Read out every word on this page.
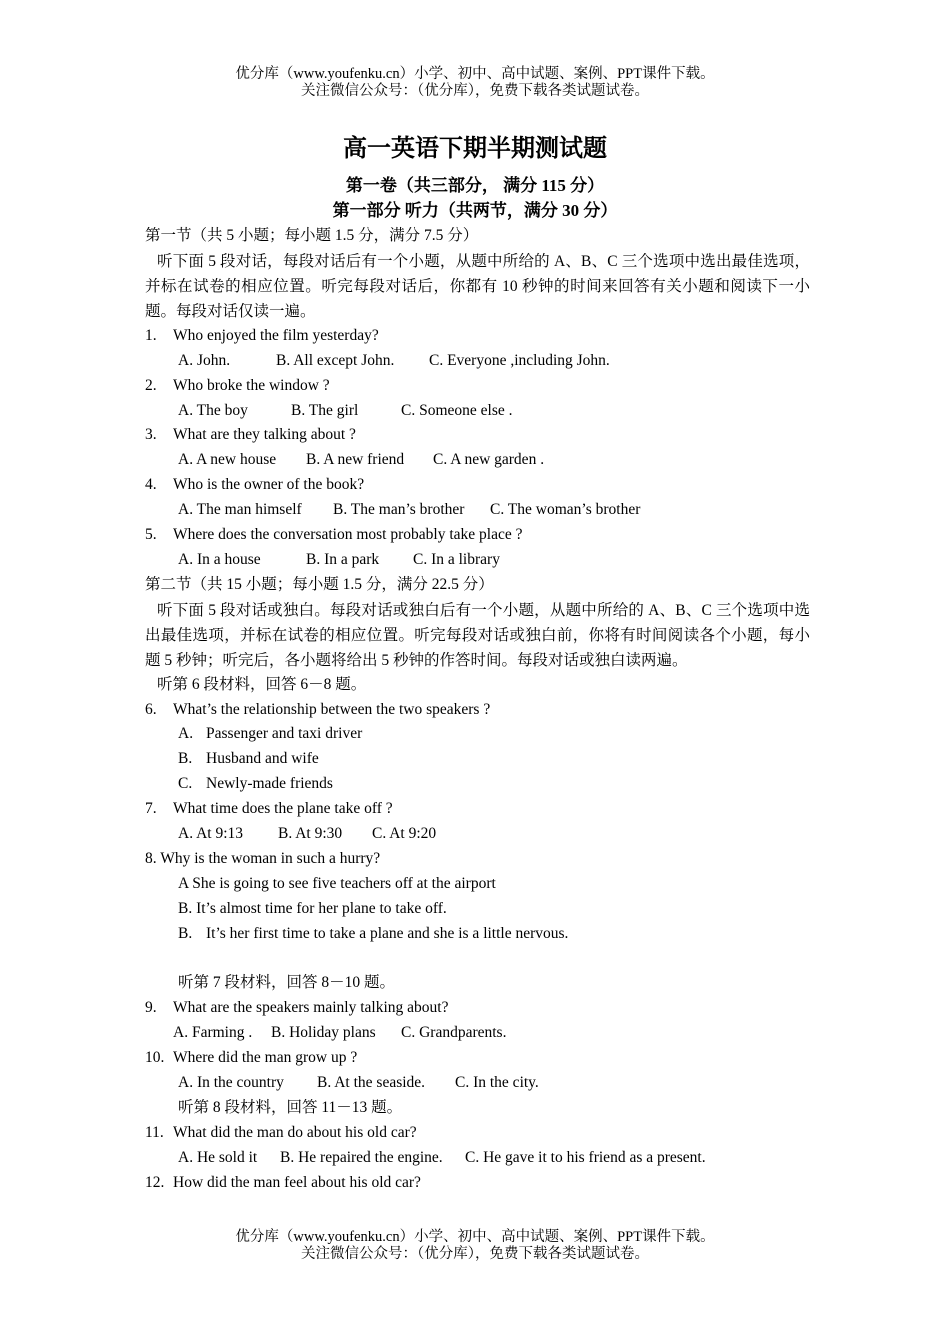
优分库（www.youfenku.cn）小学、初中、高中试题、案例、PPT课件下载。
关注微信公众号：（优分库），免费下载各类试题试卷。
高一英语下期半期测试题
第一卷（共三部分， 满分 115 分）
第一部分 听力（共两节，满分 30 分）
第一节（共 5 小题；每小题 1.5 分，满分 7.5 分）
听下面 5 段对话，每段对话后有一个小题，从题中所给的 A、B、C 三个选项中选出最佳选项，并标在试卷的相应位置。听完每段对话后，你都有 10 秒钟的时间来回答有关小题和阅读下一小题。每段对话仅读一遍。
1. Who enjoyed the film yesterday?
A. John.	B. All except John. C. Everyone ,including John.
2. Who broke the window ?
A. The boy	B. The girl	C. Someone else .
3. What are they talking about ?
A. A new house B. A new friend C. A new garden .
4. Who is the owner of the book?
A. The man himself B. The man’s brother C. The woman’s brother
5. Where does the conversation most probably take place ?
A. In a house	B. In a park C. In a library
第二节（共 15 小题；每小题 1.5 分，满分 22.5 分）
听下面 5 段对话或独白。每段对话或独白后有一个小题，从题中所给的 A、B、C 三个选项中选出最佳选项，并标在试卷的相应位置。听完每段对话或独白前，你将有时间阅读各个小题，每小题 5 秒钟；听完后，各小题将给出 5 秒钟的作答时间。每段对话或独白读两遍。
听第 6 段材料，回答 6－8 题。
6. What’s the relationship between the two speakers ?
A. Passenger and taxi driver
B. Husband and wife
C. Newly-made friends
7. What time does the plane take off ?
A. At 9:13 B. At 9:30 C. At 9:20
8. Why is the woman in such a hurry?
A She is going to see five teachers off at the airport
B. It’s almost time for her plane to take off.
B. It’s her first time to take a plane and she is a little nervous.
听第 7 段材料，回答 8－10 题。
9. What are the speakers mainly talking about?
A. Farming . B. Holiday plans C. Grandparents.
10. Where did the man grow up ?
A. In the country B. At the seaside. C. In the city.
听第 8 段材料，回答 11－13 题。
11. What did the man do about his old car?
A. He sold it B. He repaired the engine. C. He gave it to his friend as a present.
12. How did the man feel about his old car?
优分库（www.youfenku.cn）小学、初中、高中试题、案例、PPT课件下载。
关注微信公众号：（优分库），免费下载各类试题试卷。
